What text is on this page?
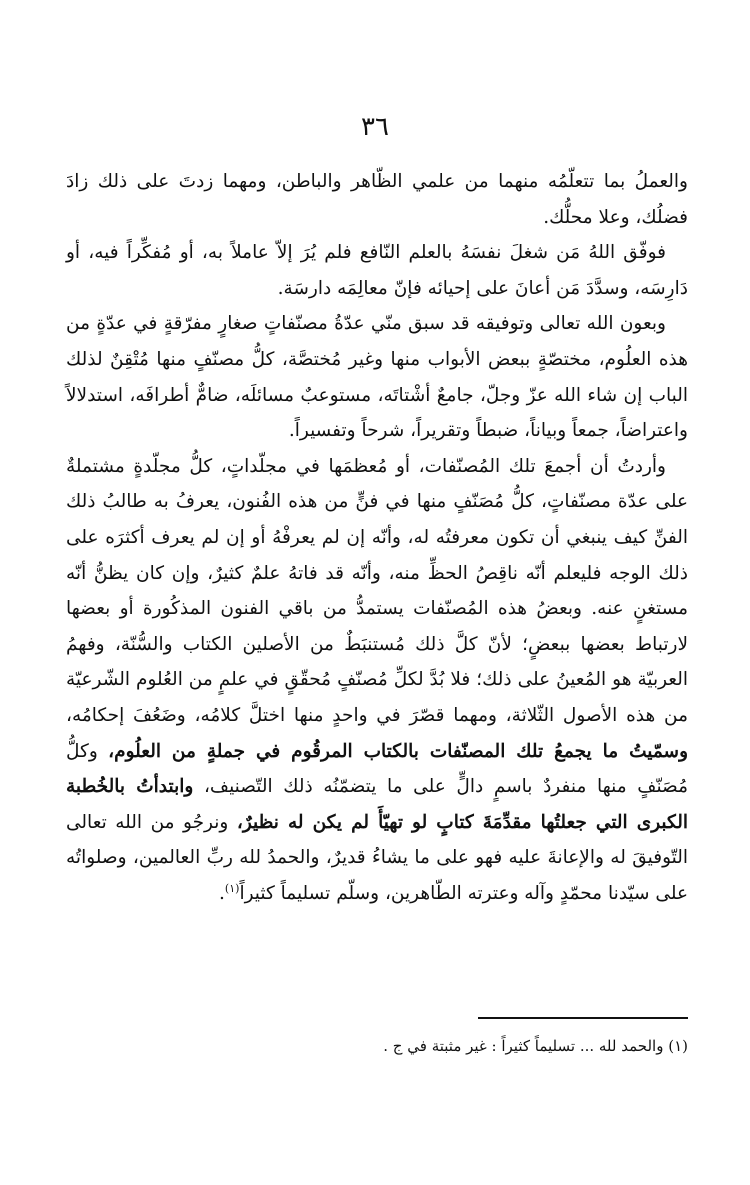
٣٦

والعملُ بما تتعلّمُه منهما من علمي الظّاهر والباطن، ومهما زدتَ على ذلك زادَ فضلُك، وعلا محلُّك.

فوفّق اللهُ مَن شغلَ نفسَهُ بالعلم النّافع فلم يُرَ إلاّ عاملاً به، أو مُفكِّراً فيه، أو دَارِسَه، وسدَّدَ مَن أعانَ على إحيائه فإنّ معالِمَه دارسَة.

وبعون الله تعالى وتوفيقه قد سبق منّي عدّةُ مصنّفاتٍ صغارٍ مفرّقةٍ في عدّةٍ من هذه العلُوم، مختصّةٍ ببعض الأبواب منها وغير مُختصَّة، كلُّ مصنّفٍ منها مُتْقِنٌ لذلك الباب إن شاء الله عزّ وجلّ، جامعٌ أشْتاتَه، مستوعبٌ مسائلَه، ضامٌّ أطرافَه، استدلالاً واعتراضاً، جمعاً وبياناً، ضبطاً وتقريراً، شرحاً وتفسيراً.

وأردتُ أن أجمعَ تلك المُصنّفات، أو مُعظمَها في مجلّداتٍ، كلُّ مجلّدةٍ مشتملةٌ على عدّة مصنّفاتٍ، كلُّ مُصَنّفٍ منها في فنٍّ من هذه الفُنون، يعرفُ به طالبُ ذلك الفنِّ كيف ينبغي أن تكون معرفتُه له، وأنّه إن لم يعرفْهُ أو إن لم يعرف أكثرَه على ذلك الوجه فليعلم أنّه ناقِصُ الحظِّ منه، وأنّه قد فاتهُ علمٌ كثيرٌ، وإن كان يظنُّ أنّه مستغنٍ عنه. وبعضُ هذه المُصنّفات يستمدُّ من باقي الفنون المذكُورة أو بعضها لارتباط بعضها ببعضٍ؛ لأنّ كلَّ ذلك مُستنبَطٌ من الأصلين الكتاب والسُّنّة، وفهمُ العربيّة هو المُعينُ على ذلك؛ فلا بُدَّ لكلِّ مُصنّفٍ مُحقّقٍ في علمٍ من العُلوم الشّرعيّة من هذه الأصول الثّلاثة، ومهما قصّرَ في واحدٍ منها اختلَّ كلامُه، وضَعُفَ إحكامُه، وسمّيتُ ما يجمعُ تلك المصنّفات بالكتاب المرقُوم في جملةٍ من العلُوم، وكلُّ مُصَنّفٍ منها منفردٌ باسمٍ دالٍّ على ما يتضمّنُه ذلك التّصنيف، وابتدأتُ بالخُطبة الكبرى التي جعلتُها مقدِّمَةَ كتابٍ لو تهيّأَ لم يكن له نظيرٌ، ونرجُو من الله تعالى التّوفيقَ له والإعانةَ عليه فهو على ما يشاءُ قديرٌ، والحمدُ لله ربِّ العالمين، وصلواتُه على سيّدنا محمّدٍ وآله وعترته الطّاهرين، وسلّم تسليماً كثيراً$^{(١)}$.

(١) والحمد لله ... تسليماً كثيراً : غير مثبتة في ج .
